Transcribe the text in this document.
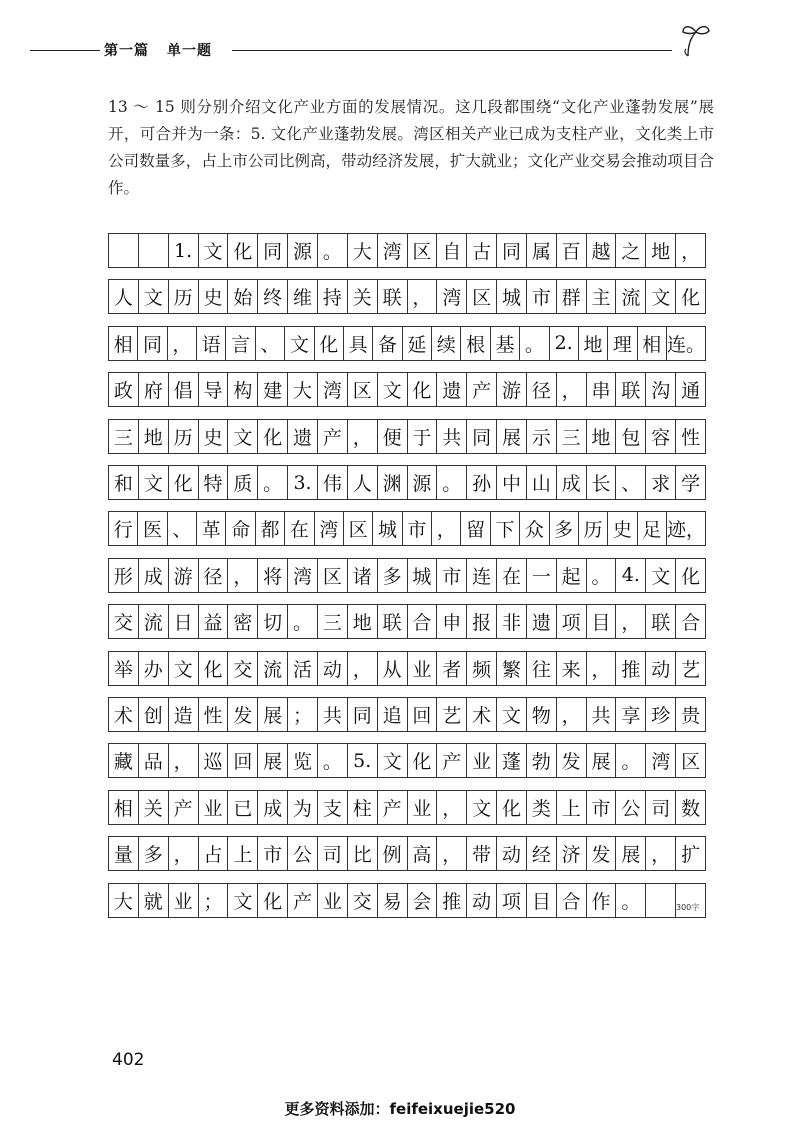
第一篇 单一题
13 ～ 15 则分别介绍文化产业方面的发展情况。这几段都围绕“文化产业蓬勃发展”展开，可合并为一条：5. 文化产业蓬勃发展。湾区相关产业已成为支柱产业，文化类上市公司数量多，占上市公司比例高，带动经济发展，扩大就业；文化产业交易会推动项目合作。
1. 文 化 同 源 。 大 湾 区 自 古 同 属 百 越 之 地 ，
人 文 历 史 始 终 维 持 关 联 ， 湾 区 城 市 群 主 流 文 化
相 同 ， 语 言 、 文 化 具 备 延 续 根 基 。 2. 地 理 相 连。
政 府 倡 导 构 建 大 湾 区 文 化 遗 产 游 径 ， 串 联 沟 通
三 地 历 史 文 化 遗 产 ， 便 于 共 同 展 示 三 地 包 容 性
和 文 化 特 质 。 3. 伟 人 渊 源 。 孙 中 山 成 长 、 求 学
行 医 、 革 命 都 在 湾 区 城 市 ， 留 下 众 多 历 史 足 迹，
形 成 游 径 ， 将 湾 区 诸 多 城 市 连 在 一 起 。 4. 文 化
交 流 日 益 密 切 。 三 地 联 合 申 报 非 遗 项 目 ， 联 合
举 办 文 化 交 流 活 动 ， 从 业 者 频 繁 往 来 ， 推 动 艺
术 创 造 性 发 展 ； 共 同 追 回 艺 术 文 物 ， 共 享 珍 贵
藏 品 ， 巡 回 展 览 。 5. 文 化 产 业 蓬 勃 发 展 。 湾 区
相 关 产 业 已 成 为 支 柱 产 业 ， 文 化 类 上 市 公 司 数
量 多 ， 占 上 市 公 司 比 例 高 ， 带 动 经 济 发 展 ， 扩
大 就 业 ； 文 化 产 业 交 易 会 推 动 项 目 合 作 。	300字
402
更多资料添加：feifeixuejie520
